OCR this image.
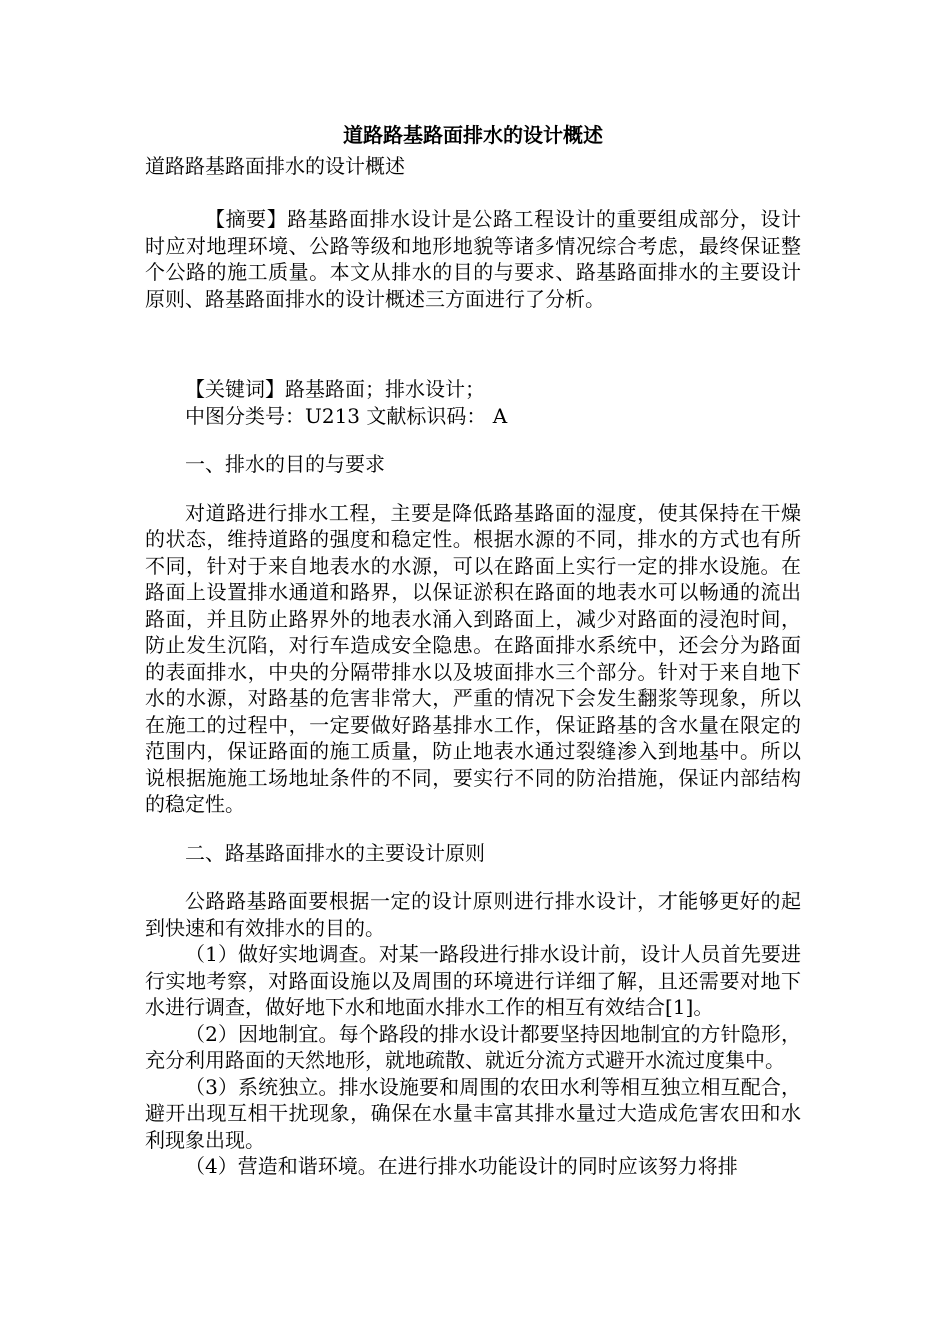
道路路基路面排水的设计概述

道路路基路面排水的设计概述

【摘要】路基路面排水设计是公路工程设计的重要组成部分，设计时应对地理环境、公路等级和地形地貌等诸多情况综合考虑，最终保证整个公路的施工质量。本文从排水的目的与要求、路基路面排水的主要设计原则、路基路面排水的设计概述三方面进行了分析。

【关键词】路基路面；排水设计；

中图分类号：U213 文献标识码： A

一、排水的目的与要求

对道路进行排水工程，主要是降低路基路面的湿度，使其保持在干燥的状态，维持道路的强度和稳定性。根据水源的不同，排水的方式也有所不同，针对于来自地表水的水源，可以在路面上实行一定的排水设施。在路面上设置排水通道和路界，以保证淤积在路面的地表水可以畅通的流出路面，并且防止路界外的地表水涌入到路面上，减少对路面的浸泡时间，防止发生沉陷，对行车造成安全隐患。在路面排水系统中，还会分为路面的表面排水，中央的分隔带排水以及坡面排水三个部分。针对于来自地下水的水源，对路基的危害非常大，严重的情况下会发生翻浆等现象，所以在施工的过程中，一定要做好路基排水工作，保证路基的含水量在限定的范围内，保证路面的施工质量，防止地表水通过裂缝渗入到地基中。所以说根据施施工场地址条件的不同，要实行不同的防治措施，保证内部结构的稳定性。

二、路基路面排水的主要设计原则

公路路基路面要根据一定的设计原则进行排水设计，才能够更好的起到快速和有效排水的目的。

（1）做好实地调查。对某一路段进行排水设计前，设计人员首先要进行实地考察，对路面设施以及周围的环境进行详细了解，且还需要对地下水进行调查，做好地下水和地面水排水工作的相互有效结合[1]。

（2）因地制宜。每个路段的排水设计都要坚持因地制宜的方针隐形，充分利用路面的天然地形，就地疏散、就近分流方式避开水流过度集中。

（3）系统独立。排水设施要和周围的农田水利等相互独立相互配合，避开出现互相干扰现象，确保在水量丰富其排水量过大造成危害农田和水利现象出现。

（4）营造和谐环境。在进行排水功能设计的同时应该努力将排
